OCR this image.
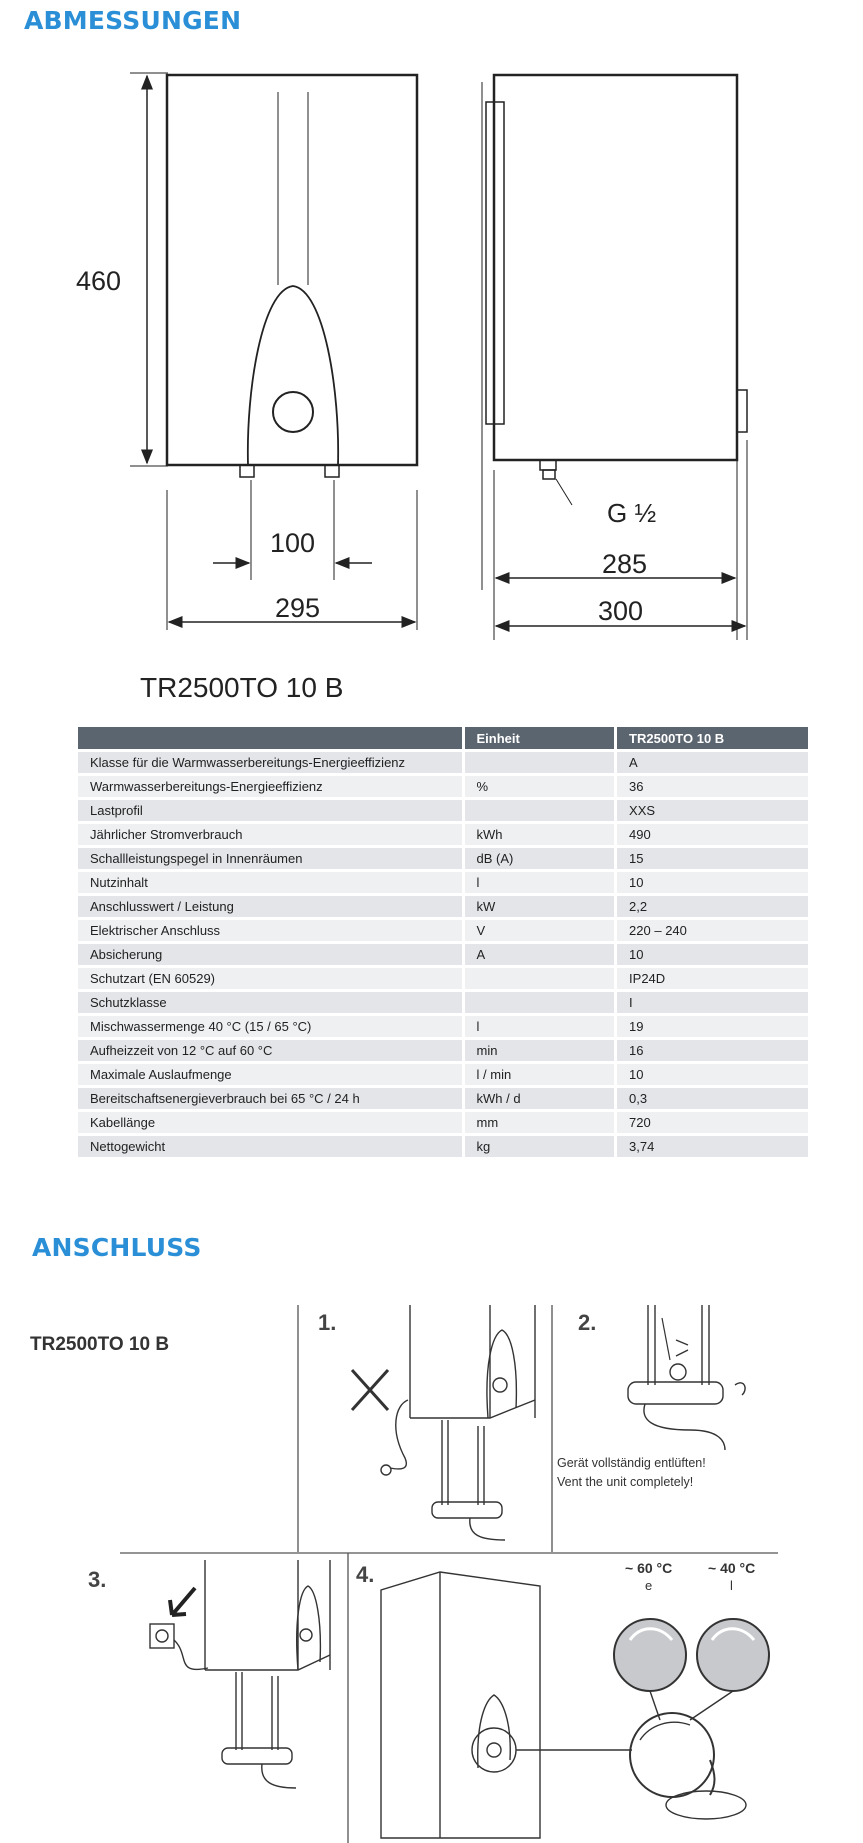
ABMESSUNGEN
460
100
295
G ½
285
300
TR2500TO 10 B
	Einheit	TR2500TO 10 B
Klasse für die Warmwasserbereitungs-Energieeffizienz		A
Warmwasserbereitungs-Energieeffizienz	%	36
Lastprofil		XXS
Jährlicher Stromverbrauch	kWh	490
Schallleistungspegel in Innenräumen	dB (A)	15
Nutzinhalt	l	10
Anschlusswert / Leistung	kW	2,2
Elektrischer Anschluss	V	220 – 240
Absicherung	A	10
Schutzart (EN 60529)		IP24D
Schutzklasse		I
Mischwassermenge 40 °C (15 / 65 °C)	l	19
Aufheizzeit von 12 °C auf 60 °C	min	16
Maximale Auslaufmenge	l / min	10
Bereitschaftsenergieverbrauch bei 65 °C / 24 h	kWh / d	0,3
Kabellänge	mm	720
Nettogewicht	kg	3,74
ANSCHLUSS
TR2500TO 10 B
1.	2.
3.	4.
Gerät vollständig entlüften!
Vent the unit completely!
~ 60 °C
e
~ 40 °C
l
